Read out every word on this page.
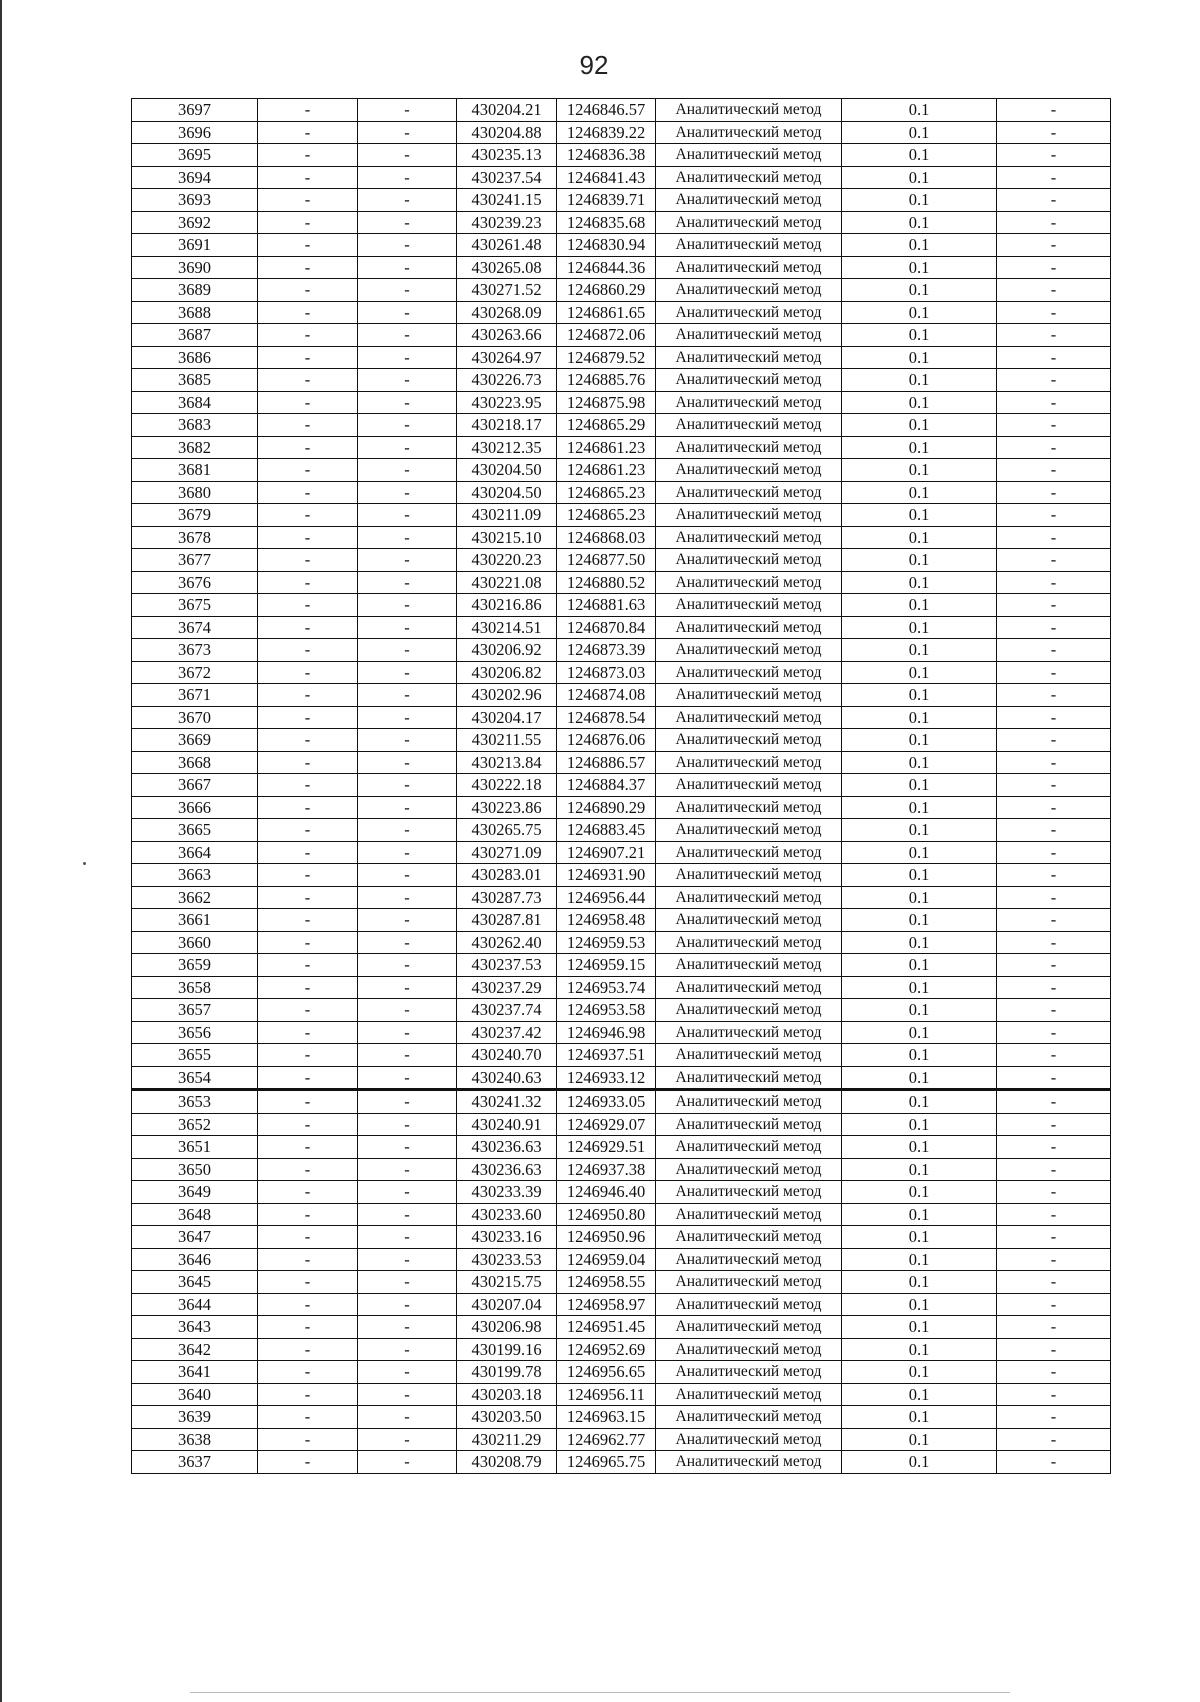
92
3697	-	-	430204.21	1246846.57	Аналитический метод	0.1	-
3696	-	-	430204.88	1246839.22	Аналитический метод	0.1	-
3695	-	-	430235.13	1246836.38	Аналитический метод	0.1	-
3694	-	-	430237.54	1246841.43	Аналитический метод	0.1	-
3693	-	-	430241.15	1246839.71	Аналитический метод	0.1	-
3692	-	-	430239.23	1246835.68	Аналитический метод	0.1	-
3691	-	-	430261.48	1246830.94	Аналитический метод	0.1	-
3690	-	-	430265.08	1246844.36	Аналитический метод	0.1	-
3689	-	-	430271.52	1246860.29	Аналитический метод	0.1	-
3688	-	-	430268.09	1246861.65	Аналитический метод	0.1	-
3687	-	-	430263.66	1246872.06	Аналитический метод	0.1	-
3686	-	-	430264.97	1246879.52	Аналитический метод	0.1	-
3685	-	-	430226.73	1246885.76	Аналитический метод	0.1	-
3684	-	-	430223.95	1246875.98	Аналитический метод	0.1	-
3683	-	-	430218.17	1246865.29	Аналитический метод	0.1	-
3682	-	-	430212.35	1246861.23	Аналитический метод	0.1	-
3681	-	-	430204.50	1246861.23	Аналитический метод	0.1	-
3680	-	-	430204.50	1246865.23	Аналитический метод	0.1	-
3679	-	-	430211.09	1246865.23	Аналитический метод	0.1	-
3678	-	-	430215.10	1246868.03	Аналитический метод	0.1	-
3677	-	-	430220.23	1246877.50	Аналитический метод	0.1	-
3676	-	-	430221.08	1246880.52	Аналитический метод	0.1	-
3675	-	-	430216.86	1246881.63	Аналитический метод	0.1	-
3674	-	-	430214.51	1246870.84	Аналитический метод	0.1	-
3673	-	-	430206.92	1246873.39	Аналитический метод	0.1	-
3672	-	-	430206.82	1246873.03	Аналитический метод	0.1	-
3671	-	-	430202.96	1246874.08	Аналитический метод	0.1	-
3670	-	-	430204.17	1246878.54	Аналитический метод	0.1	-
3669	-	-	430211.55	1246876.06	Аналитический метод	0.1	-
3668	-	-	430213.84	1246886.57	Аналитический метод	0.1	-
3667	-	-	430222.18	1246884.37	Аналитический метод	0.1	-
3666	-	-	430223.86	1246890.29	Аналитический метод	0.1	-
3665	-	-	430265.75	1246883.45	Аналитический метод	0.1	-
3664	-	-	430271.09	1246907.21	Аналитический метод	0.1	-
3663	-	-	430283.01	1246931.90	Аналитический метод	0.1	-
3662	-	-	430287.73	1246956.44	Аналитический метод	0.1	-
3661	-	-	430287.81	1246958.48	Аналитический метод	0.1	-
3660	-	-	430262.40	1246959.53	Аналитический метод	0.1	-
3659	-	-	430237.53	1246959.15	Аналитический метод	0.1	-
3658	-	-	430237.29	1246953.74	Аналитический метод	0.1	-
3657	-	-	430237.74	1246953.58	Аналитический метод	0.1	-
3656	-	-	430237.42	1246946.98	Аналитический метод	0.1	-
3655	-	-	430240.70	1246937.51	Аналитический метод	0.1	-
3654	-	-	430240.63	1246933.12	Аналитический метод	0.1	-
3653	-	-	430241.32	1246933.05	Аналитический метод	0.1	-
3652	-	-	430240.91	1246929.07	Аналитический метод	0.1	-
3651	-	-	430236.63	1246929.51	Аналитический метод	0.1	-
3650	-	-	430236.63	1246937.38	Аналитический метод	0.1	-
3649	-	-	430233.39	1246946.40	Аналитический метод	0.1	-
3648	-	-	430233.60	1246950.80	Аналитический метод	0.1	-
3647	-	-	430233.16	1246950.96	Аналитический метод	0.1	-
3646	-	-	430233.53	1246959.04	Аналитический метод	0.1	-
3645	-	-	430215.75	1246958.55	Аналитический метод	0.1	-
3644	-	-	430207.04	1246958.97	Аналитический метод	0.1	-
3643	-	-	430206.98	1246951.45	Аналитический метод	0.1	-
3642	-	-	430199.16	1246952.69	Аналитический метод	0.1	-
3641	-	-	430199.78	1246956.65	Аналитический метод	0.1	-
3640	-	-	430203.18	1246956.11	Аналитический метод	0.1	-
3639	-	-	430203.50	1246963.15	Аналитический метод	0.1	-
3638	-	-	430211.29	1246962.77	Аналитический метод	0.1	-
3637	-	-	430208.79	1246965.75	Аналитический метод	0.1	-
